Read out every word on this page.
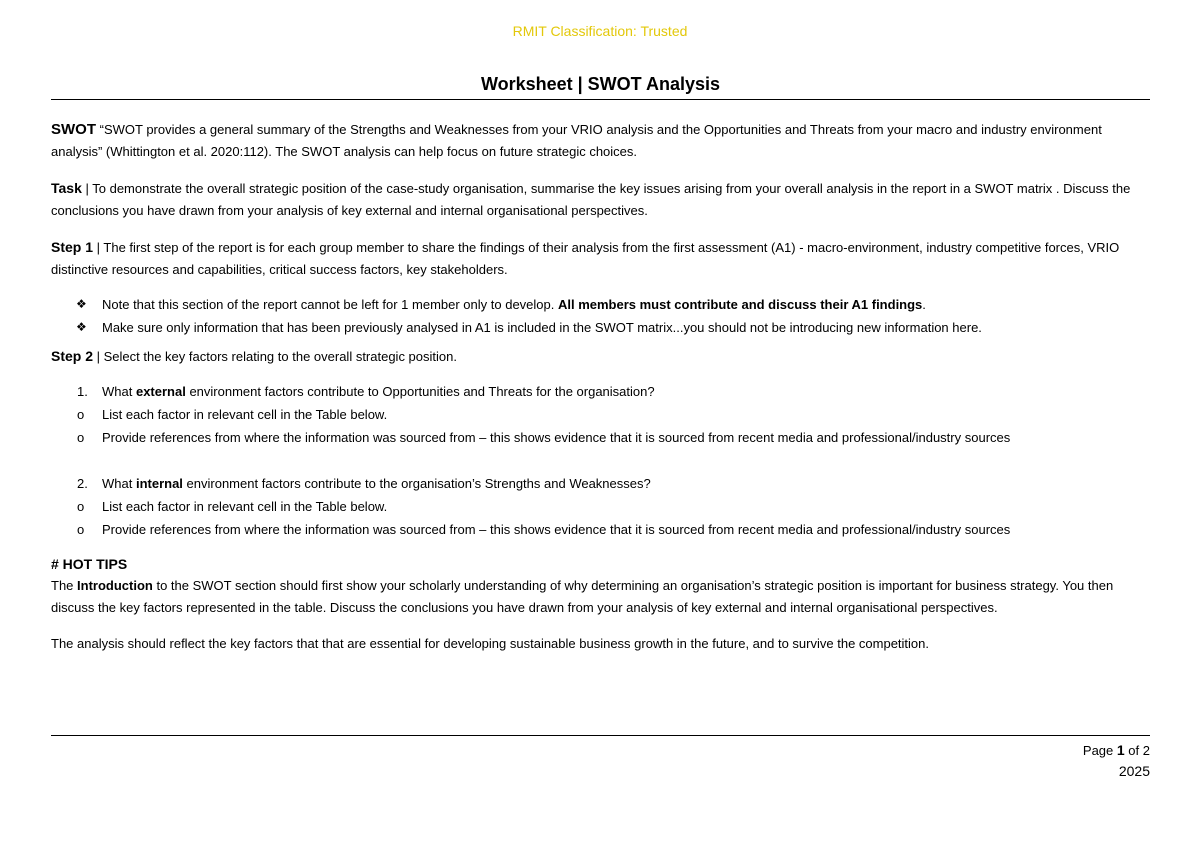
RMIT Classification: Trusted
Worksheet | SWOT Analysis

SWOT “SWOT provides a general summary of the Strengths and Weaknesses from your VRIO analysis and the Opportunities and Threats from your macro and industry environment analysis” (Whittington et al. 2020:112). The SWOT analysis can help focus on future strategic choices.

Task | To demonstrate the overall strategic position of the case-study organisation, summarise the key issues arising from your overall analysis in the report in a SWOT matrix . Discuss the conclusions you have drawn from your analysis of key external and internal organisational perspectives.

Step 1 | The first step of the report is for each group member to share the findings of their analysis from the first assessment (A1) - macro-environment, industry competitive forces, VRIO distinctive resources and capabilities, critical success factors, key stakeholders.

❖ Note that this section of the report cannot be left for 1 member only to develop. All members must contribute and discuss their A1 findings.
❖ Make sure only information that has been previously analysed in A1 is included in the SWOT matrix...you should not be introducing new information here.

Step 2 | Select the key factors relating to the overall strategic position.

1. What external environment factors contribute to Opportunities and Threats for the organisation?
o List each factor in relevant cell in the Table below.
o Provide references from where the information was sourced from – this shows evidence that it is sourced from recent media and professional/industry sources
2. What internal environment factors contribute to the organisation’s Strengths and Weaknesses?
o List each factor in relevant cell in the Table below.
o Provide references from where the information was sourced from – this shows evidence that it is sourced from recent media and professional/industry sources

# HOT TIPS

The Introduction to the SWOT section should first show your scholarly understanding of why determining an organisation’s strategic position is important for business strategy. You then discuss the key factors represented in the table. Discuss the conclusions you have drawn from your analysis of key external and internal organisational perspectives.

The analysis should reflect the key factors that that are essential for developing sustainable business growth in the future, and to survive the competition.

Page 1 of 2
2025
